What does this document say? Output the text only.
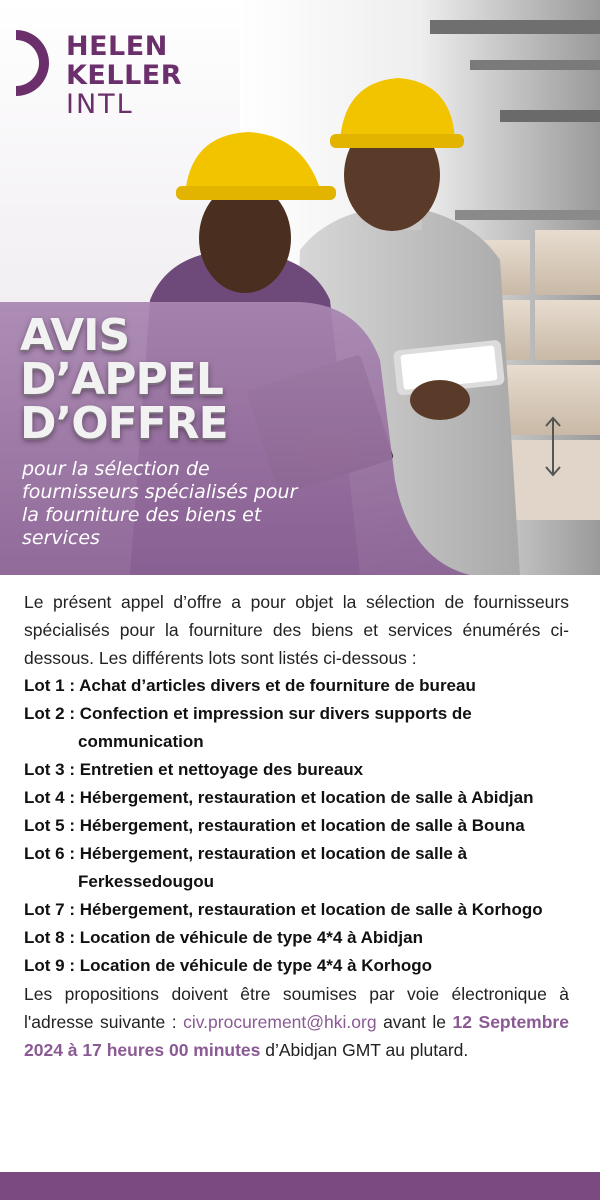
HELEN
KELLER
INTL
AVIS
D’APPEL
D’OFFRE

pour la sélection de fournisseurs spécialisés pour la fourniture des biens et services

Le présent appel d’offre a pour objet la sélection de fournisseurs spécialisés pour la fourniture des biens et services énumérés ci-dessous. Les différents lots sont listés ci-dessous :

Lot 1 : Achat d’articles divers et de fourniture de bureau
Lot 2 : Confection et impression sur divers supports de communication
Lot 3 : Entretien et nettoyage des bureaux
Lot 4 : Hébergement, restauration et location de salle à Abidjan
Lot 5 : Hébergement, restauration et location de salle à Bouna
Lot 6 : Hébergement, restauration et location de salle à Ferkessedougou
Lot 7 : Hébergement, restauration et location de salle à Korhogo
Lot 8 : Location de véhicule de type 4*4 à Abidjan
Lot 9 : Location de véhicule de type 4*4 à Korhogo

Les propositions doivent être soumises par voie électronique à l'adresse suivante : civ.procurement@hki.org avant le 12 Septembre 2024 à 17 heures 00 minutes d’Abidjan GMT au plutard.
